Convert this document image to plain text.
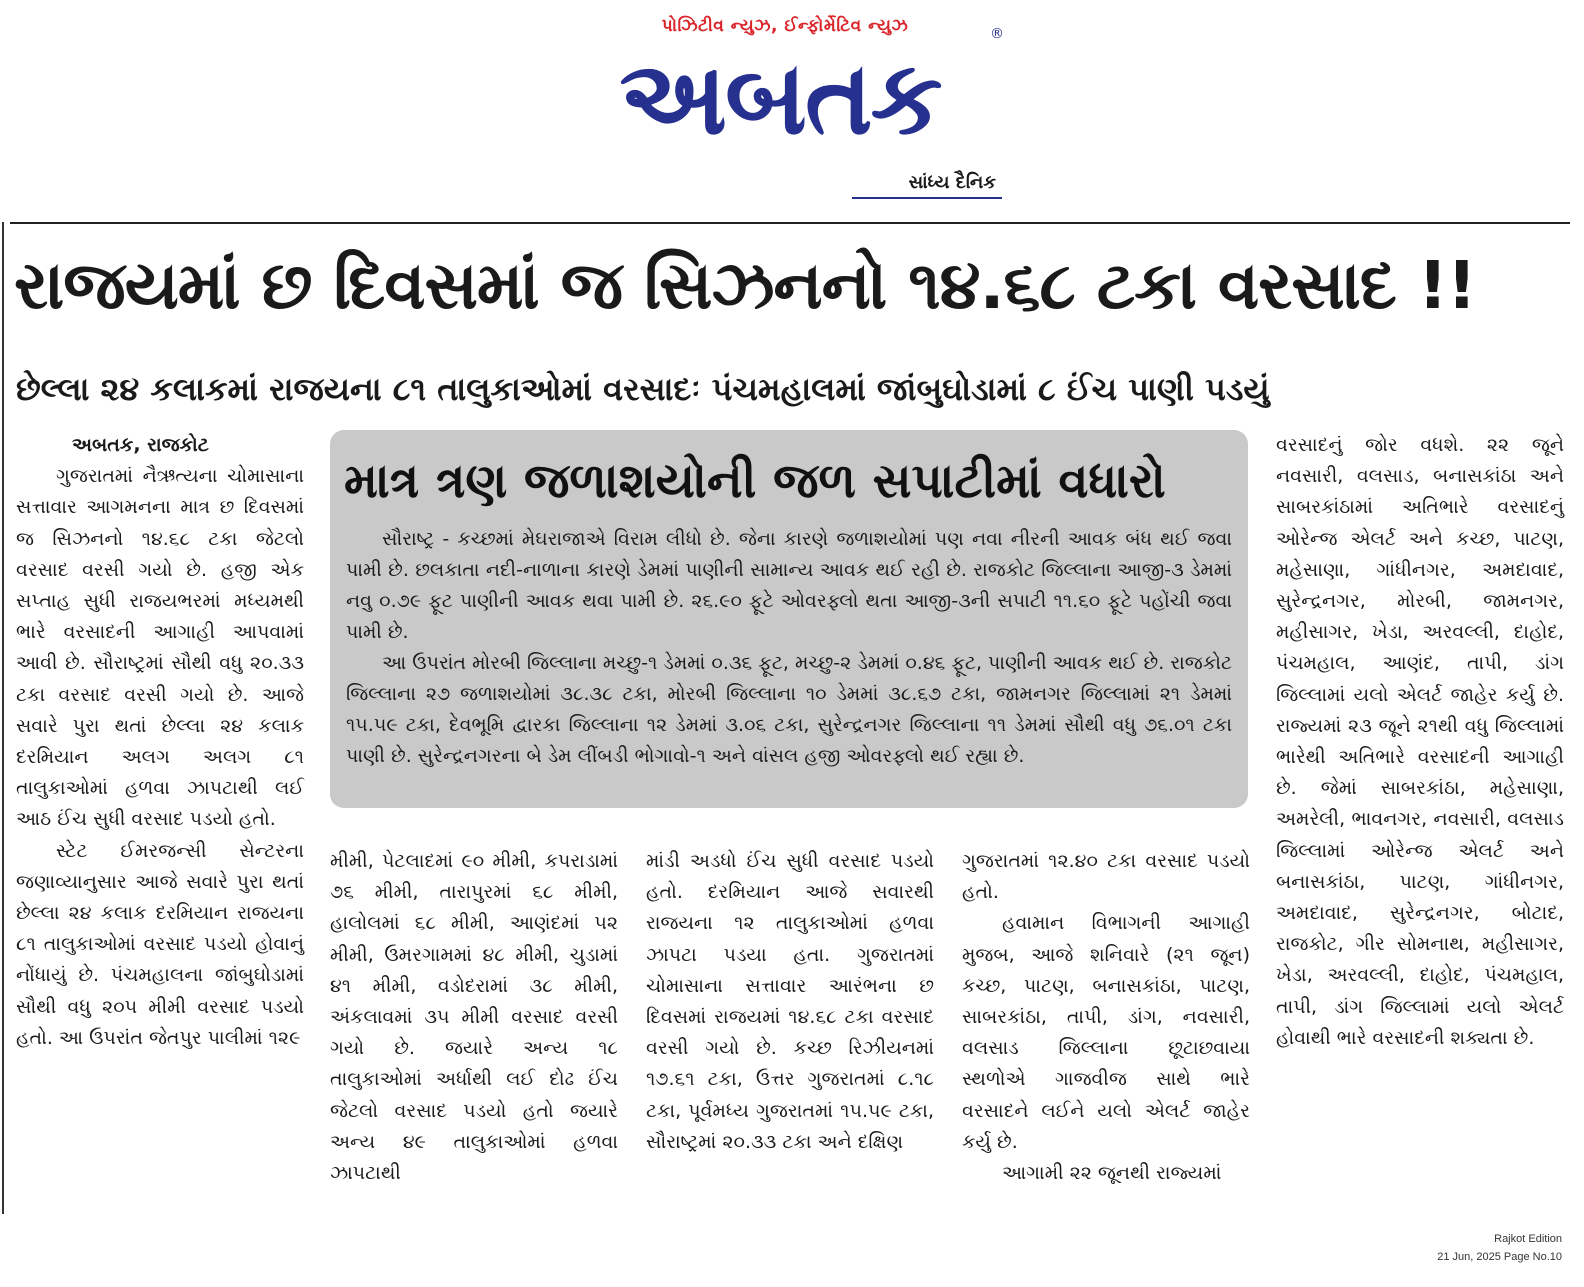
પોઝિટીવ ન્યુઝ, ઈન્ફોર્મેટિવ ન્યુઝ
અબતક
®
સાંધ્ય દૈનિક
રાજયમાં છ દિવસમાં જ સિઝનનો ૧૪.૬૮ ટકા વરસાદ !!
છેલ્લા ૨૪ કલાકમાં રાજયના ૮૧ તાલુકાઓમાં વરસાદઃ પંચમહાલમાં જાંબુઘોડામાં ૮ ઈંચ પાણી પડયું

અબતક, રાજકોટ

ગુજરાતમાં નૈઋત્યના ચોમાસાના સત્તાવાર આગમનના માત્ર છ દિવસમાં જ સિઝનનો ૧૪.૬૮ ટકા જેટલો વરસાદ વરસી ગયો છે. હજી એક સપ્તાહ સુધી રાજયભરમાં મધ્યમથી ભારે વરસાદની આગાહી આપવામાં આવી છે. સૌરાષ્ટ્રમાં સૌથી વધુ ૨૦.૩૩ ટકા વરસાદ વરસી ગયો છે. આજે સવારે પુરા થતાં છેલ્લા ૨૪ કલાક દરમિયાન અલગ અલગ ૮૧ તાલુકાઓમાં હળવા ઝાપટાથી લઈ આઠ ઈંચ સુધી વરસાદ પડયો હતો.

સ્ટેટ ઈમરજન્સી સેન્ટરના જણાવ્યાનુસાર આજે સવારે પુરા થતાં છેલ્લા ૨૪ કલાક દરમિયાન રાજયના ૮૧ તાલુકાઓમાં વરસાદ પડયો હોવાનું નોંધાયું છે. પંચમહાલના જાંબુઘોડામાં સૌથી વધુ ૨૦૫ મીમી વરસાદ પડયો હતો. આ ઉપરાંત જેતપુર પાલીમાં ૧૨૯

માત્ર ત્રણ જળાશયોની જળ સપાટીમાં વધારો

સૌરાષ્ટ્ર - કચ્છમાં મેઘરાજાએ વિરામ લીધો છે. જેના કારણે જળાશયોમાં પણ નવા નીરની આવક બંધ થઈ જવા પામી છે. છલકાતા નદી-નાળાના કારણે ડેમમાં પાણીની સામાન્ય આવક થઈ રહી છે. રાજકોટ જિલ્લાના આજી-૩ ડેમમાં નવુ ૦.૭૯ ફૂટ પાણીની આવક થવા પામી છે. ૨૬.૯૦ ફૂટે ઓવરફ્લો થતા આજી-૩ની સપાટી ૧૧.૬૦ ફૂટે પહોંચી જવા પામી છે.

આ ઉપરાંત મોરબી જિલ્લાના મચ્છુ-૧ ડેમમાં ૦.૩૬ ફૂટ, મચ્છુ-૨ ડેમમાં ૦.૪૬ ફૂટ, પાણીની આવક થઈ છે. રાજકોટ જિલ્લાના ૨૭ જળાશયોમાં ૩૮.૩૮ ટકા, મોરબી જિલ્લાના ૧૦ ડેમમાં ૩૮.૬૭ ટકા, જામનગર જિલ્લામાં ૨૧ ડેમમાં ૧૫.૫૯ ટકા, દેવભૂમિ દ્વારકા જિલ્લાના ૧૨ ડેમમાં ૩.૦૬ ટકા, સુરેન્દ્રનગર જિલ્લાના ૧૧ ડેમમાં સૌથી વધુ ૭૬.૦૧ ટકા પાણી છે. સુરેન્દ્રનગરના બે ડેમ લીંબડી ભોગાવો-૧ અને વાંસલ હજી ઓવરફ્લો થઈ રહ્યા છે.

મીમી, પેટલાદમાં ૯૦ મીમી, કપરાડામાં ૭૬ મીમી, તારાપુરમાં ૬૮ મીમી, હાલોલમાં ૬૮ મીમી, આણંદમાં ૫૨ મીમી, ઉમરગામમાં ૪૮ મીમી, ચુડામાં ૪૧ મીમી, વડોદરામાં ૩૮ મીમી, અંકલાવમાં ૩૫ મીમી વરસાદ વરસી ગયો છે. જયારે અન્ય ૧૮ તાલુકાઓમાં અર્ધાથી લઈ દોઢ ઈંચ જેટલો વરસાદ પડયો હતો જયારે અન્ય ૪૯ તાલુકાઓમાં હળવા ઝાપટાથી

માંડી અડધો ઈંચ સુધી વરસાદ પડયો હતો. દરમિયાન આજે સવારથી રાજયના ૧૨ તાલુકાઓમાં હળવા ઝાપટા પડયા હતા. ગુજરાતમાં ચોમાસાના સત્તાવાર આરંભના છ દિવસમાં રાજયમાં ૧૪.૬૮ ટકા વરસાદ વરસી ગયો છે. કચ્છ રિઝીયનમાં ૧૭.૬૧ ટકા, ઉત્તર ગુજરાતમાં ૮.૧૮ ટકા, પૂર્વમધ્ય ગુજરાતમાં ૧૫.૫૯ ટકા, સૌરાષ્ટ્રમાં ૨૦.૩૩ ટકા અને દક્ષિણ

ગુજરાતમાં ૧૨.૪૦ ટકા વરસાદ પડયો હતો.

હવામાન વિભાગની આગાહી મુજબ, આજે શનિવારે (૨૧ જૂન) કચ્છ, પાટણ, બનાસકાંઠા, પાટણ, સાબરકાંઠા, તાપી, ડાંગ, નવસારી, વલસાડ જિલ્લાના છૂટાછવાયા સ્થળોએ ગાજવીજ સાથે ભારે વરસાદને લઈને યલો એલર્ટ જાહેર કર્યુ છે.

આગામી ૨૨ જૂનથી રાજ્યમાં

વરસાદનું જોર વધશે. ૨૨ જૂને નવસારી, વલસાડ, બનાસકાંઠા અને સાબરકાંઠામાં અતિભારે વરસાદનું ઓરેન્જ એલર્ટ અને કચ્છ, પાટણ, મહેસાણા, ગાંધીનગર, અમદાવાદ, સુરેન્દ્રનગર, મોરબી, જામનગર, મહીસાગર, ખેડા, અરવલ્લી, દાહોદ, પંચમહાલ, આણંદ, તાપી, ડાંગ જિલ્લામાં યલો એલર્ટ જાહેર કર્યુ છે. રાજ્યમાં ૨૩ જૂને ૨૧થી વધુ જિલ્લામાં ભારેથી અતિભારે વરસાદની આગાહી છે. જેમાં સાબરકાંઠા, મહેસાણા, અમરેલી, ભાવનગર, નવસારી, વલસાડ જિલ્લામાં ઓરેન્જ એલર્ટ અને બનાસકાંઠા, પાટણ, ગાંધીનગર, અમદાવાદ, સુરેન્દ્રનગર, બોટાદ, રાજકોટ, ગીર સોમનાથ, મહીસાગર, ખેડા, અરવલ્લી, દાહોદ, પંચમહાલ, તાપી, ડાંગ જિલ્લામાં યલો એલર્ટ હોવાથી ભારે વરસાદની શક્યતા છે.

Rajkot Edition
21 Jun, 2025 Page No.10
